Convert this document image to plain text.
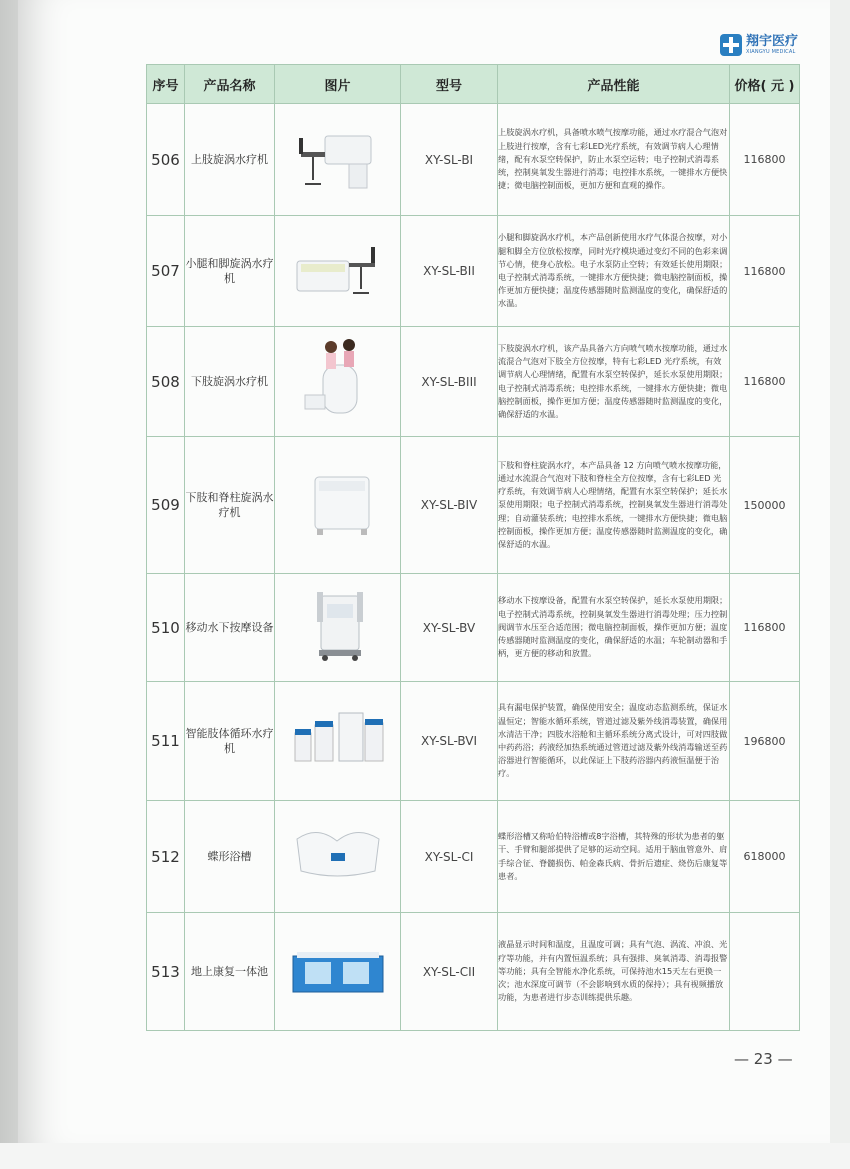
翔宇医疗
XIANGYU MEDICAL
序号	产品名称	图片	型号	产品性能	价格( 元 )
506	上肢旋涡水疗机		XY-SL-BI	上肢旋涡水疗机，具备喷水喷气按摩功能，通过水疗混合气泡对上肢进行按摩，含有七彩LED光疗系统，有效调节病人心理情绪，配有水泵空转保护，防止水泵空运转；电子控制式消毒系统，控制臭氧发生器进行消毒；电控排水系统，一键排水方便快捷；微电脑控制面板，更加方便和直观的操作。	116800
507	小腿和脚旋涡水疗机		XY-SL-BII	小腿和脚旋涡水疗机，本产品创新使用水疗气体混合按摩，对小腿和脚全方位放松按摩，同时光疗模块通过变幻不同的色彩来调节心情，使身心放松。电子水泵防止空转；有效延长使用期限；电子控制式消毒系统，一键排水方便快捷；微电脑控制面板，操作更加方便快捷；温度传感器随时监测温度的变化，确保舒适的水温。	116800
508	下肢旋涡水疗机		XY-SL-BIII	下肢旋涡水疗机，该产品具备六方向喷气喷水按摩功能，通过水流混合气泡对下肢全方位按摩，特有七彩LED 光疗系统，有效调节病人心理情绪，配置有水泵空转保护，延长水泵使用期限；电子控制式消毒系统；电控排水系统，一键排水方便快捷；微电脑控制面板，操作更加方便；温度传感器随时监测温度的变化，确保舒适的水温。	116800
509	下肢和脊柱旋涡水疗机		XY-SL-BIV	下肢和脊柱旋涡水疗，本产品具备 12 方向喷气喷水按摩功能，通过水流混合气泡对下肢和脊柱全方位按摩，含有七彩LED 光疗系统，有效调节病人心理情绪，配置有水泵空转保护；延长水泵使用期限；电子控制式消毒系统，控制臭氧发生器进行消毒处理；自动灌装系统；电控排水系统，一键排水方便快捷；微电脑控制面板，操作更加方便；温度传感器随时监测温度的变化，确保舒适的水温。	150000
510	移动水下按摩设备		XY-SL-BV	移动水下按摩设备，配置有水泵空转保护，延长水泵使用期限；电子控制式消毒系统，控制臭氧发生器进行消毒处理；压力控制阀调节水压至合适范围；微电脑控制面板，操作更加方便；温度传感器随时监测温度的变化，确保舒适的水温；车轮制动器和手柄，更方便的移动和放置。	116800
511	智能肢体循环水疗机		XY-SL-BVI	具有漏电保护装置，确保使用安全；温度动态监测系统，保证水温恒定；智能水循环系统，管道过滤及紫外线消毒装置，确保用水清洁干净；四肢水浴舱和主循环系统分离式设计，可对四肢做中药药浴；药液经加热系统通过管道过滤及紫外线消毒输送至药浴器进行智能循环，以此保证上下肢药浴器内药液恒温便于治疗。	196800
512	蝶形浴槽		XY-SL-CI	蝶形浴槽又称哈伯特浴槽或8字浴槽，其特殊的形状为患者的躯干、手臂和腿部提供了足够的运动空间。适用于脑血管意外、肩手综合征、脊髓损伤、帕金森氏病、骨折后遗症、烧伤后康复等患者。	618000
513	地上康复一体池		XY-SL-CII	液晶显示时间和温度，且温度可调；具有气泡、涡流、冲浪、光疗等功能，并有内置恒温系统；具有强排、臭氧消毒、消毒报警等功能；具有全智能水净化系统，可保持池水15天左右更换一次；池水深度可调节（不会影响到水质的保持）；具有视频播放功能，为患者进行步态训练提供乐趣。	
— 23 —
